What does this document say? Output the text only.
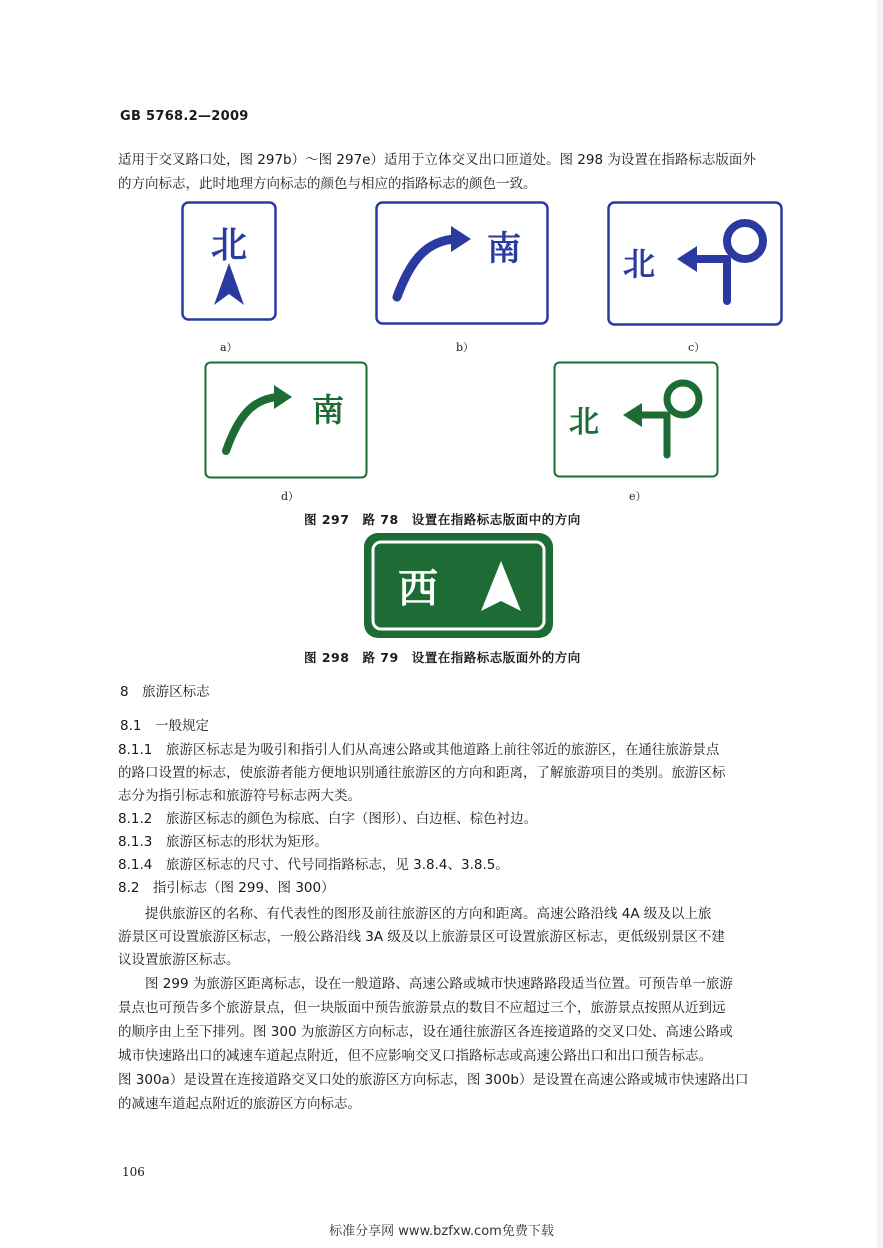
GB 5768.2—2009
适用于交叉路口处，图 297b）～图 297e）适用于立体交叉出口匝道处。图 298 为设置在指路标志版面外
的方向标志，此时地理方向标志的颜色与相应的指路标志的颜色一致。
北
a）
南
b）
北
c）
南
d）
北
e）
图 297　路 78　设置在指路标志版面中的方向
西
图 298　路 79　设置在指路标志版面外的方向
8　旅游区标志
8.1　一般规定
8.1.1　旅游区标志是为吸引和指引人们从高速公路或其他道路上前往邻近的旅游区，在通往旅游景点
的路口设置的标志，使旅游者能方便地识别通往旅游区的方向和距离，了解旅游项目的类别。旅游区标
志分为指引标志和旅游符号标志两大类。
8.1.2　旅游区标志的颜色为棕底、白字（图形）、白边框、棕色衬边。
8.1.3　旅游区标志的形状为矩形。
8.1.4　旅游区标志的尺寸、代号同指路标志，见 3.8.4、3.8.5。
8.2　指引标志（图 299、图 300）
　　提供旅游区的名称、有代表性的图形及前往旅游区的方向和距离。高速公路沿线 4A 级及以上旅
游景区可设置旅游区标志，一般公路沿线 3A 级及以上旅游景区可设置旅游区标志，更低级别景区不建
议设置旅游区标志。
　　图 299 为旅游区距离标志，设在一般道路、高速公路或城市快速路路段适当位置。可预告单一旅游
景点也可预告多个旅游景点，但一块版面中预告旅游景点的数目不应超过三个，旅游景点按照从近到远
的顺序由上至下排列。图 300 为旅游区方向标志，设在通往旅游区各连接道路的交叉口处、高速公路或
城市快速路出口的减速车道起点附近，但不应影响交叉口指路标志或高速公路出口和出口预告标志。
图 300a）是设置在连接道路交叉口处的旅游区方向标志，图 300b）是设置在高速公路或城市快速路出口
的减速车道起点附近的旅游区方向标志。
106
标准分享网 www.bzfxw.com免费下载
